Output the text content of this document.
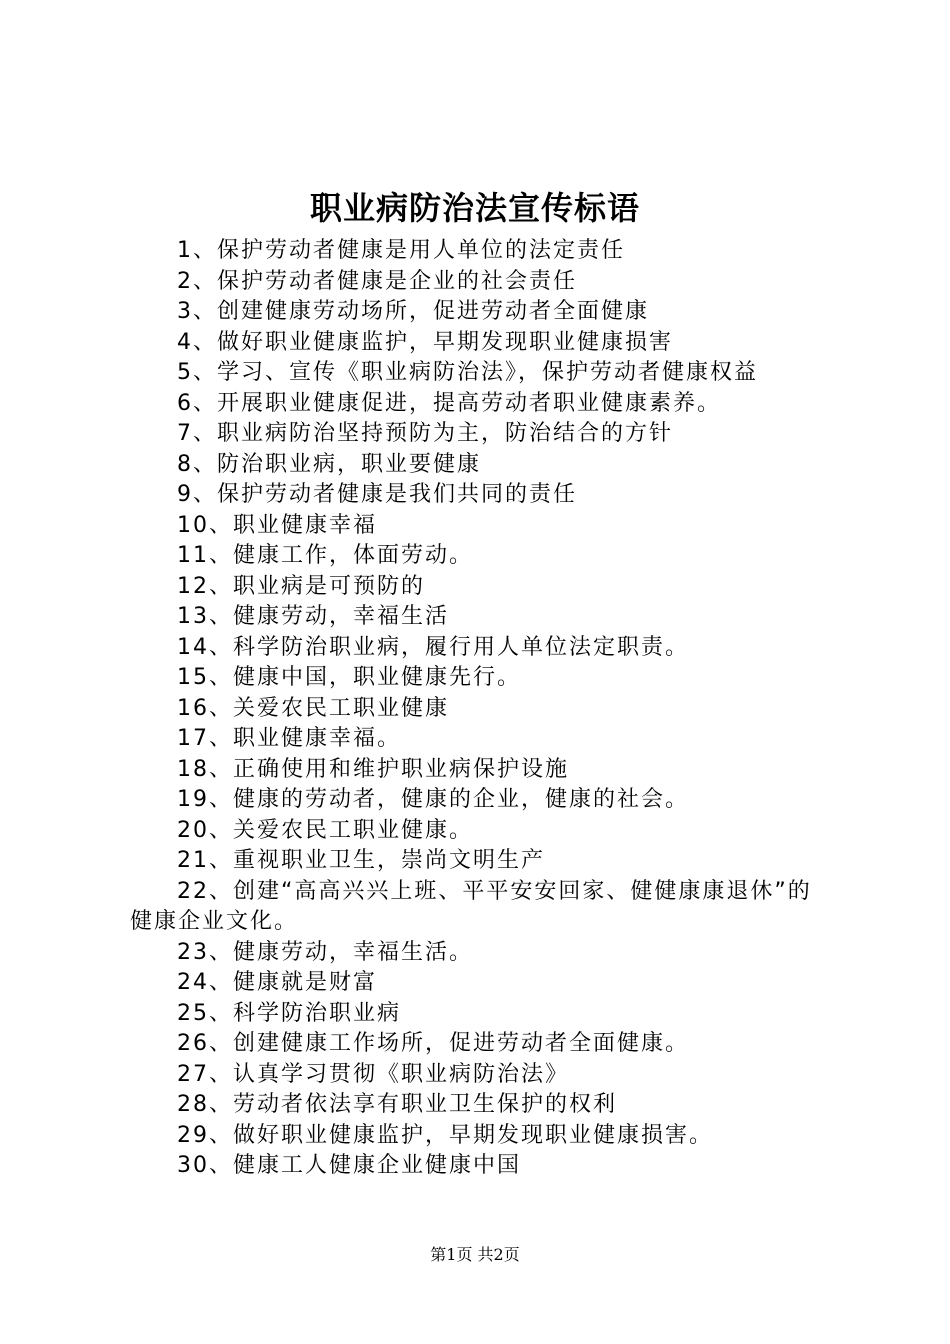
职业病防治法宣传标语
1、保护劳动者健康是用人单位的法定责任
2、保护劳动者健康是企业的社会责任
3、创建健康劳动场所，促进劳动者全面健康
4、做好职业健康监护，早期发现职业健康损害
5、学习、宣传《职业病防治法》，保护劳动者健康权益
6、开展职业健康促进，提高劳动者职业健康素养。
7、职业病防治坚持预防为主，防治结合的方针
8、防治职业病，职业要健康
9、保护劳动者健康是我们共同的责任
10、职业健康幸福
11、健康工作，体面劳动。
12、职业病是可预防的
13、健康劳动，幸福生活
14、科学防治职业病，履行用人单位法定职责。
15、健康中国，职业健康先行。
16、关爱农民工职业健康
17、职业健康幸福。
18、正确使用和维护职业病保护设施
19、健康的劳动者，健康的企业，健康的社会。
20、关爱农民工职业健康。
21、重视职业卫生，崇尚文明生产
22、创建“高高兴兴上班、平平安安回家、健健康康退休”的健康企业文化。
23、健康劳动，幸福生活。
24、健康就是财富
25、科学防治职业病
26、创建健康工作场所，促进劳动者全面健康。
27、认真学习贯彻《职业病防治法》
28、劳动者依法享有职业卫生保护的权利
29、做好职业健康监护，早期发现职业健康损害。
30、健康工人健康企业健康中国
第1页 共2页
